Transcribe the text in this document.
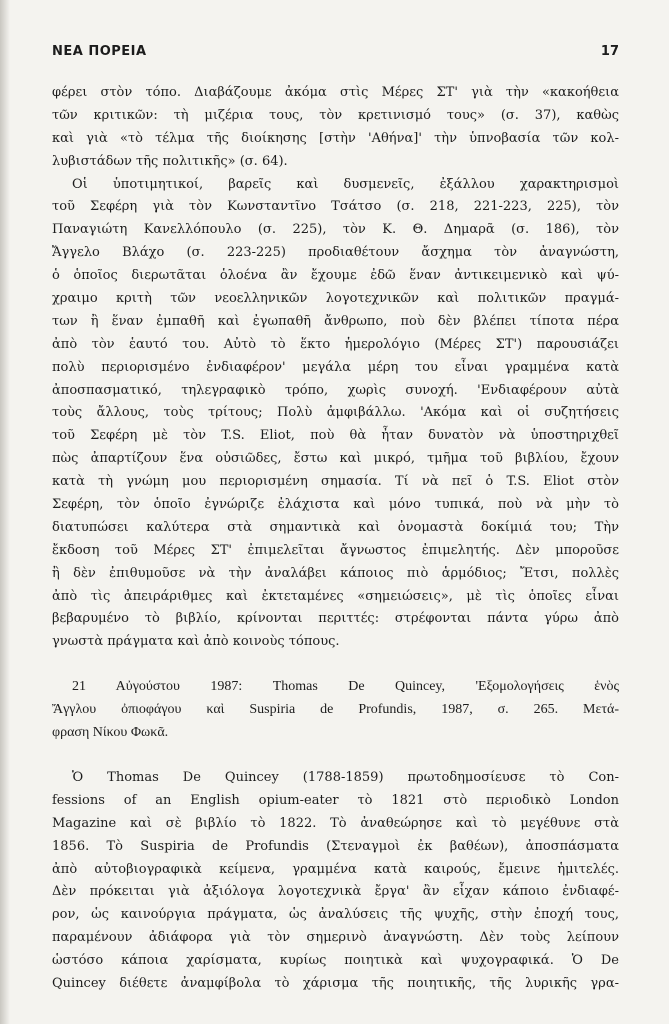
ΝΕΑ ΠΟΡΕΙΑ	17
φέρει στὸν τόπο. Διαβάζουμε ἀκόμα στὶς Μέρες ΣΤ' γιὰ τὴν «κακοήθεια
τῶν κριτικῶν: τὴ μιζέρια τους, τὸν κρετινισμό τους» (σ. 37), καθὼς
καὶ γιὰ «τὸ τέλμα τῆς διοίκησης [στὴν 'Αθήνα]' τὴν ὑπνοβασία τῶν κολ-
λυβιστάδων τῆς πολιτικῆς» (σ. 64).
Οἱ ὑποτιμητικοί, βαρεῖς καὶ δυσμενεῖς, ἐξάλλου χαρακτηρισμοὶ
τοῦ Σεφέρη γιὰ τὸν Κωνσταντῖνο Τσάτσο (σ. 218, 221-223, 225), τὸν
Παναγιώτη Κανελλόπουλο (σ. 225), τὸν Κ. Θ. Δημαρᾶ (σ. 186), τὸν
Ἄγγελο Βλάχο (σ. 223-225) προδιαθέτουν ἄσχημα τὸν ἀναγνώστη,
ὁ ὁποῖος διερωτᾶται ὁλοένα ἂν ἔχουμε ἐδῶ ἕναν ἀντικειμενικὸ καὶ ψύ-
χραιμο κριτὴ τῶν νεοελληνικῶν λογοτεχνικῶν καὶ πολιτικῶν πραγμά-
των ἢ ἕναν ἐμπαθῆ καὶ ἐγωπαθῆ ἄνθρωπο, ποὺ δὲν βλέπει τίποτα πέρα
ἀπὸ τὸν ἑαυτό του. Αὐτὸ τὸ ἕκτο ἡμερολόγιο (Μέρες ΣΤ') παρουσιάζει
πολὺ περιορισμένο ἐνδιαφέρον' μεγάλα μέρη του εἶναι γραμμένα κατὰ
ἀποσπασματικό, τηλεγραφικὸ τρόπο, χωρὶς συνοχή. 'Ενδιαφέρουν αὐτὰ
τοὺς ἄλλους, τοὺς τρίτους; Πολὺ ἀμφιβάλλω. 'Ακόμα καὶ οἱ συζητήσεις
τοῦ Σεφέρη μὲ τὸν T.S. Eliot, ποὺ θὰ ἦταν δυνατὸν νὰ ὑποστηριχθεῖ
πὼς ἀπαρτίζουν ἕνα οὐσιῶδες, ἔστω καὶ μικρό, τμῆμα τοῦ βιβλίου, ἔχουν
κατὰ τὴ γνώμη μου περιορισμένη σημασία. Τί νὰ πεῖ ὁ T.S. Eliot στὸν
Σεφέρη, τὸν ὁποῖο ἐγνώριζε ἐλάχιστα καὶ μόνο τυπικά, ποὺ νὰ μὴν τὸ
διατυπώσει καλύτερα στὰ σημαντικὰ καὶ ὀνομαστὰ δοκίμιά του; Τὴν
ἔκδοση τοῦ Μέρες ΣΤ' ἐπιμελεῖται ἄγνωστος ἐπιμελητής. Δὲν μποροῦσε
ἢ δὲν ἐπιθυμοῦσε νὰ τὴν ἀναλάβει κάποιος πιὸ ἁρμόδιος; Ἔτσι, πολλὲς
ἀπὸ τὶς ἀπειράριθμες καὶ ἐκτεταμένες «σημειώσεις», μὲ τὶς ὁποῖες εἶναι
βεβαρυμένο τὸ βιβλίο, κρίνονται περιττές: στρέφονται πάντα γύρω ἀπὸ
γνωστὰ πράγματα καὶ ἀπὸ κοινοὺς τόπους.
21 Αὐγούστου 1987: Thomas De Quincey, 'Εξομολογήσεις ἑνὸς
Ἄγγλου ὀπιοφάγου καὶ Suspiria de Profundis, 1987, σ. 265. Μετά-
φραση Νίκου Φωκᾶ.
Ὁ Thomas De Quincey (1788-1859) πρωτοδημοσίευσε τὸ Con-
fessions of an English opium-eater τὸ 1821 στὸ περιοδικὸ London
Magazine καὶ σὲ βιβλίο τὸ 1822. Τὸ ἀναθεώρησε καὶ τὸ μεγέθυνε στὰ
1856. Τὸ Suspiria de Profundis (Στεναγμοὶ ἐκ βαθέων), ἀποσπάσματα
ἀπὸ αὐτοβιογραφικὰ κείμενα, γραμμένα κατὰ καιρούς, ἔμεινε ἡμιτελές.
Δὲν πρόκειται γιὰ ἀξιόλογα λογοτεχνικὰ ἔργα' ἂν εἶχαν κάποιο ἐνδιαφέ-
ρον, ὡς καινούργια πράγματα, ὡς ἀναλύσεις τῆς ψυχῆς, στὴν ἐποχή τους,
παραμένουν ἀδιάφορα γιὰ τὸν σημερινὸ ἀναγνώστη. Δὲν τοὺς λείπουν
ὡστόσο κάποια χαρίσματα, κυρίως ποιητικὰ καὶ ψυχογραφικά. Ὁ De
Quincey διέθετε ἀναμφίβολα τὸ χάρισμα τῆς ποιητικῆς, τῆς λυρικῆς γρα-
